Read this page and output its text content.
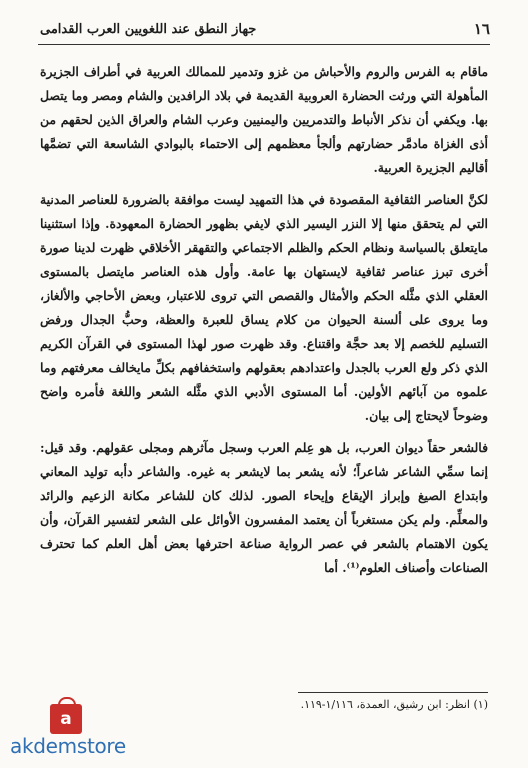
١٦
جهاز النطق عند اللغويين العرب القدامى

ماقام به الفرس والروم والأحباش من غزو وتدمير للممالك العربية في أطراف الجزيرة المأهولة التي ورثت الحضارة العروبية القديمة في بلاد الرافدين والشام ومصر وما يتصل بها. ويكفي أن نذكر الأنباط والتدمريين واليمنيين وعرب الشام والعراق الذين لحقهم من أذى الغزاة مادمَّر حضارتهم وألجأ معظمهم إلى الاحتماء بالبوادي الشاسعة التي تضمَّها أقاليم الجزيرة العربية.

لكنَّ العناصر الثقافية المقصودة في هذا التمهيد ليست موافقة بالضرورة للعناصر المدنية التي لم يتحقق منها إلا النزر اليسير الذي لايفي بظهور الحضارة المعهودة. وإذا استثنينا مايتعلق بالسياسة ونظام الحكم والظلم الاجتماعي والتقهقر الأخلاقي ظهرت لدينا صورة أخرى تبرز عناصر ثقافية لايستهان بها عامة. وأول هذه العناصر مايتصل بالمستوى العقلي الذي مثَّله الحكم والأمثال والقصص التي تروى للاعتبار، وبعض الأحاجي والألغاز، وما يروى على ألسنة الحيوان من كلام يساق للعبرة والعظة، وحبُّ الجدال ورفض التسليم للخصم إلا بعد حجَّة واقتناع. وقد ظهرت صور لهذا المستوى في القرآن الكريم الذي ذكر ولع العرب بالجدل واعتدادهم بعقولهم واستخفافهم بكلِّ مايخالف معرفتهم وما علموه من آبائهم الأولين. أما المستوى الأدبي الذي مثَّله الشعر واللغة فأمره واضح وضوحاً لايحتاج إلى بيان.

فالشعر حقاً ديوان العرب، بل هو عِلم العرب وسجل مآثرهم ومجلى عقولهم. وقد قيل: إنما سمِّي الشاعر شاعراً؛ لأنه يشعر بما لايشعر به غيره. والشاعر دأبه توليد المعاني وابتداع الصيغ وإبراز الإيقاع وإيحاء الصور. لذلك كان للشاعر مكانة الزعيم والرائد والمعلِّم. ولم يكن مستغرباً أن يعتمد المفسرون الأوائل على الشعر لتفسير القرآن، وأن يكون الاهتمام بالشعر في عصر الرواية صناعة احترفها بعض أهل العلم كما تحترف الصناعات وأصناف العلوم⁽¹⁾. أما

(١) انظر: ابن رشيق، العمدة، ١/١١٦-١١٩.
a
akdemstore
